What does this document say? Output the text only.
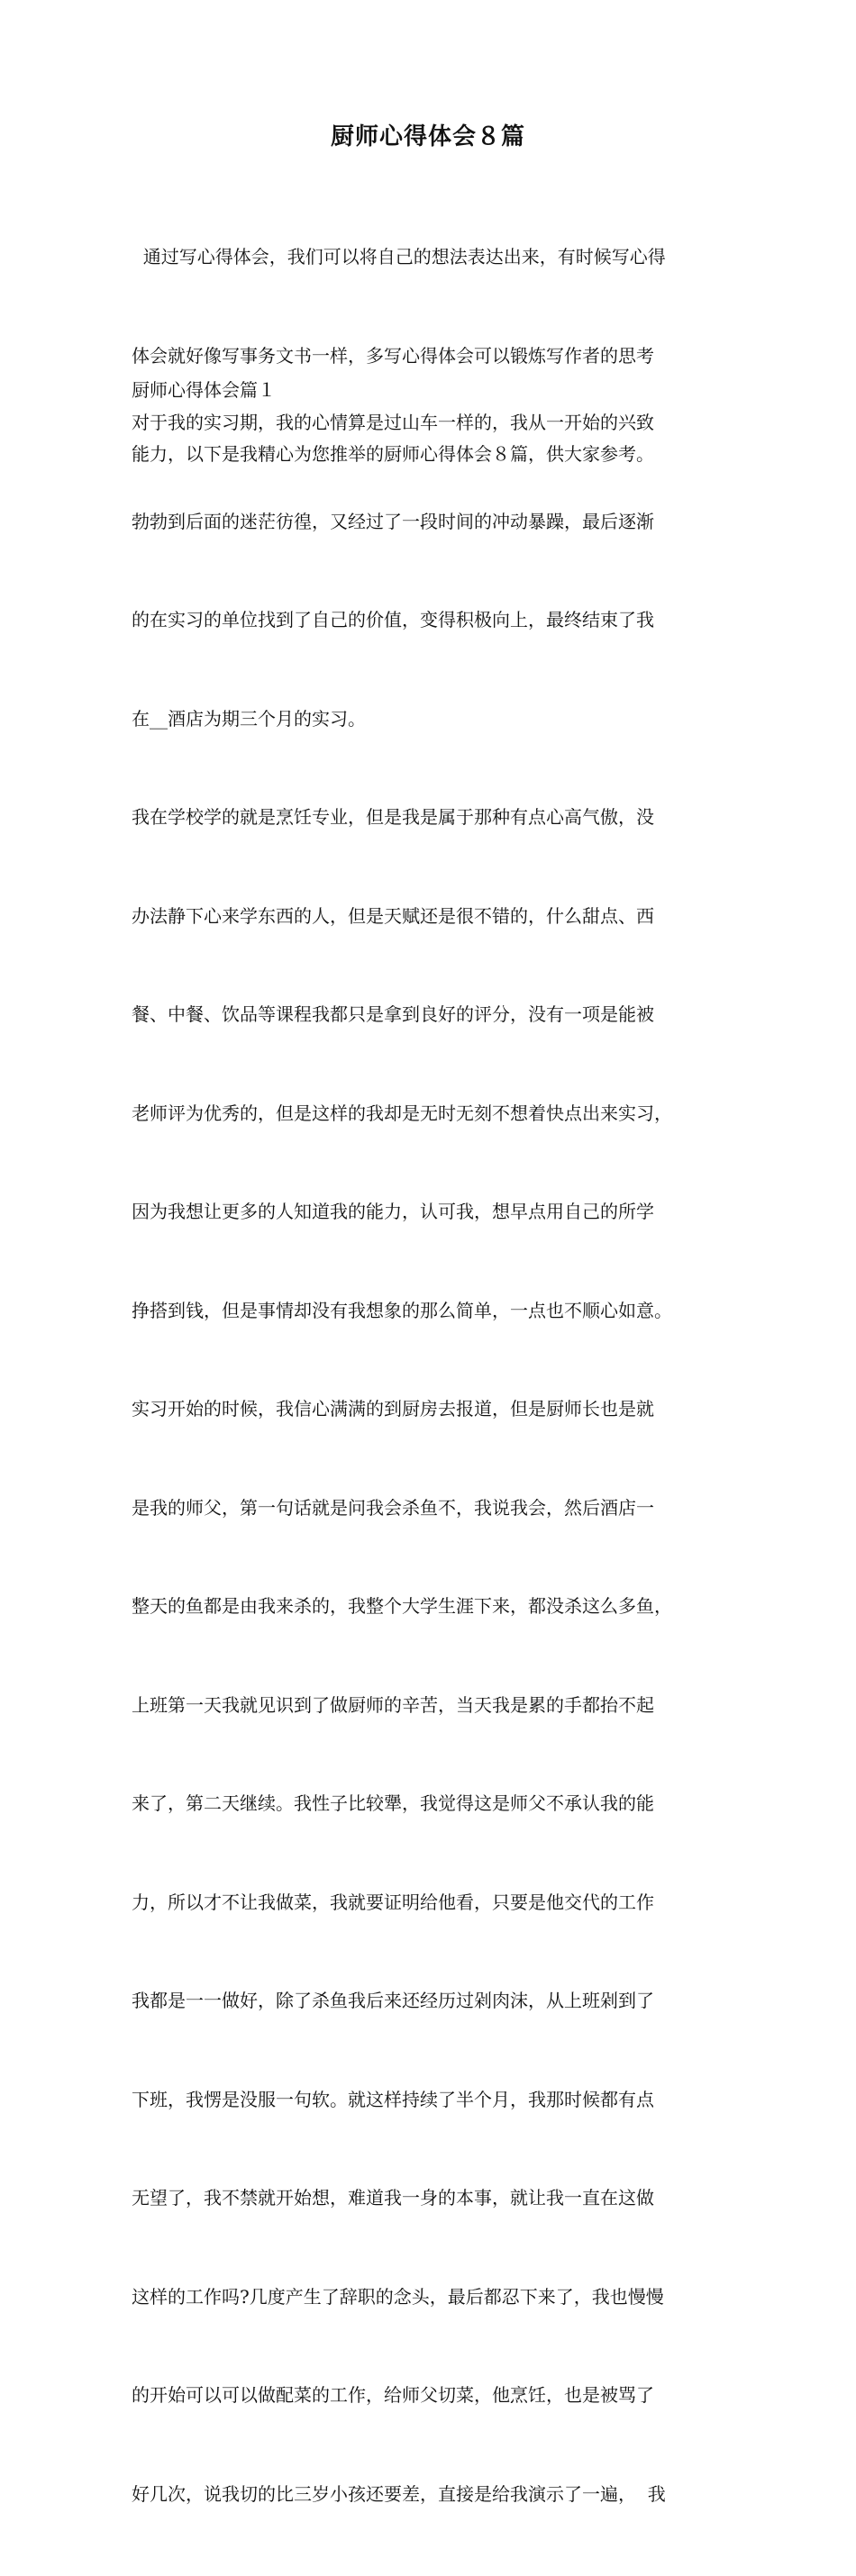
厨师心得体会８篇

通过写心得体会，我们可以将自己的想法表达出来，有时候写心得

体会就好像写事务文书一样，多写心得体会可以锻炼写作者的思考

能力，以下是我精心为您推举的厨师心得体会８篇，供大家参考。

厨师心得体会篇１

对于我的实习期，我的心情算是过山车一样的，我从一开始的兴致

勃勃到后面的迷茫彷徨，又经过了一段时间的冲动暴躁，最后逐渐

的在实习的单位找到了自己的价值，变得积极向上，最终结束了我

在__酒店为期三个月的实习。

我在学校学的就是烹饪专业，但是我是属于那种有点心高气傲，没

办法静下心来学东西的人，但是天赋还是很不错的，什么甜点、西

餐、中餐、饮品等课程我都只是拿到良好的评分，没有一项是能被

老师评为优秀的，但是这样的我却是无时无刻不想着快点出来实习，

因为我想让更多的人知道我的能力，认可我，想早点用自己的所学

挣搭到钱，但是事情却没有我想象的那么简单，一点也不顺心如意。

实习开始的时候，我信心满满的到厨房去报道，但是厨师长也是就

是我的师父，第一句话就是问我会杀鱼不，我说我会，然后酒店一

整天的鱼都是由我来杀的，我整个大学生涯下来，都没杀这么多鱼，

上班第一天我就见识到了做厨师的辛苦，当天我是累的手都抬不起

来了，第二天继续。我性子比较犟，我觉得这是师父不承认我的能

力，所以才不让我做菜，我就要证明给他看，只要是他交代的工作

我都是一一做好，除了杀鱼我后来还经历过剁肉沫，从上班剁到了

下班，我愣是没服一句软。就这样持续了半个月，我那时候都有点

无望了，我不禁就开始想，难道我一身的本事，就让我一直在这做

这样的工作吗?几度产生了辞职的念头，最后都忍下来了，我也慢慢

的开始可以可以做配菜的工作，给师父切菜，他烹饪，也是被骂了

好几次，说我切的比三岁小孩还要差，直接是给我演示了一遍，  我
